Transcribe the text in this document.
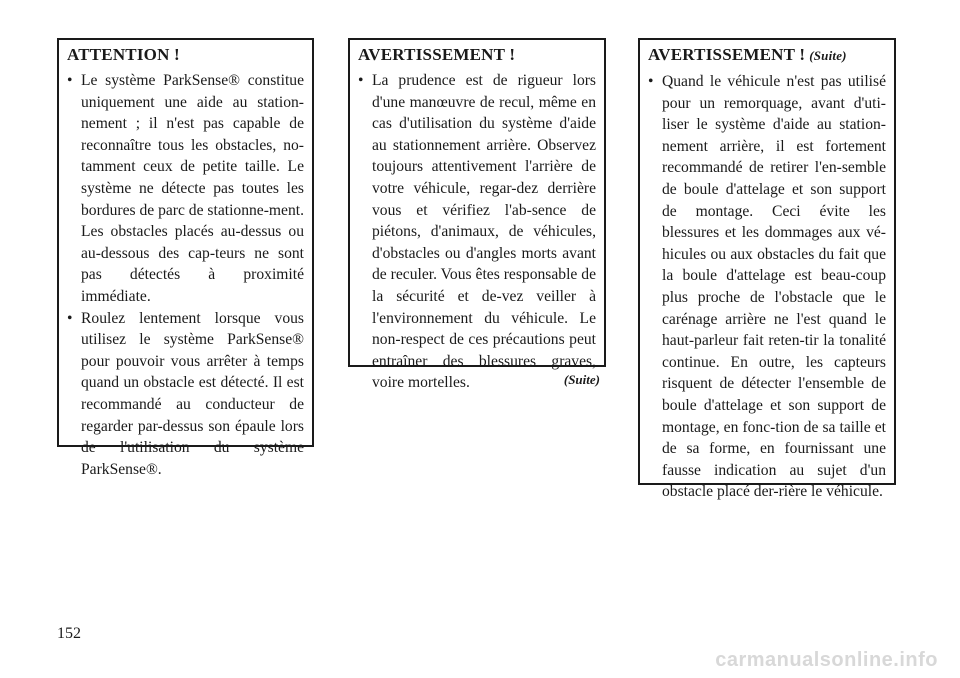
ATTENTION !
• Le système ParkSense® constitue uniquement une aide au station-nement ; il n'est pas capable de reconnaître tous les obstacles, no-tamment ceux de petite taille. Le système ne détecte pas toutes les bordures de parc de stationne-ment. Les obstacles placés au-dessus ou au-dessous des cap-teurs ne sont pas détectés à proximité immédiate.
• Roulez lentement lorsque vous utilisez le système ParkSense® pour pouvoir vous arrêter à temps quand un obstacle est détecté. Il est recommandé au conducteur de regarder par-dessus son épaule lors de l'utilisation du système ParkSense®.
AVERTISSEMENT !
• La prudence est de rigueur lors d'une manœuvre de recul, même en cas d'utilisation du système d'aide au stationnement arrière. Observez toujours attentivement l'arrière de votre véhicule, regar-dez derrière vous et vérifiez l'ab-sence de piétons, d'animaux, de véhicules, d'obstacles ou d'angles morts avant de reculer. Vous êtes responsable de la sécurité et de-vez veiller à l'environnement du véhicule. Le non-respect de ces précautions peut entraîner des blessures graves, voire mortelles.	(Suite)
AVERTISSEMENT ! (Suite)
• Quand le véhicule n'est pas utilisé pour un remorquage, avant d'uti-liser le système d'aide au station-nement arrière, il est fortement recommandé de retirer l'en-semble de boule d'attelage et son support de montage. Ceci évite les blessures et les dommages aux vé-hicules ou aux obstacles du fait que la boule d'attelage est beau-coup plus proche de l'obstacle que le carénage arrière ne l'est quand le haut-parleur fait reten-tir la tonalité continue. En outre, les capteurs risquent de détecter l'ensemble de boule d'attelage et son support de montage, en fonc-tion de sa taille et de sa forme, en fournissant une fausse indication au sujet d'un obstacle placé der-rière le véhicule.
152
carmanualsonline.info
